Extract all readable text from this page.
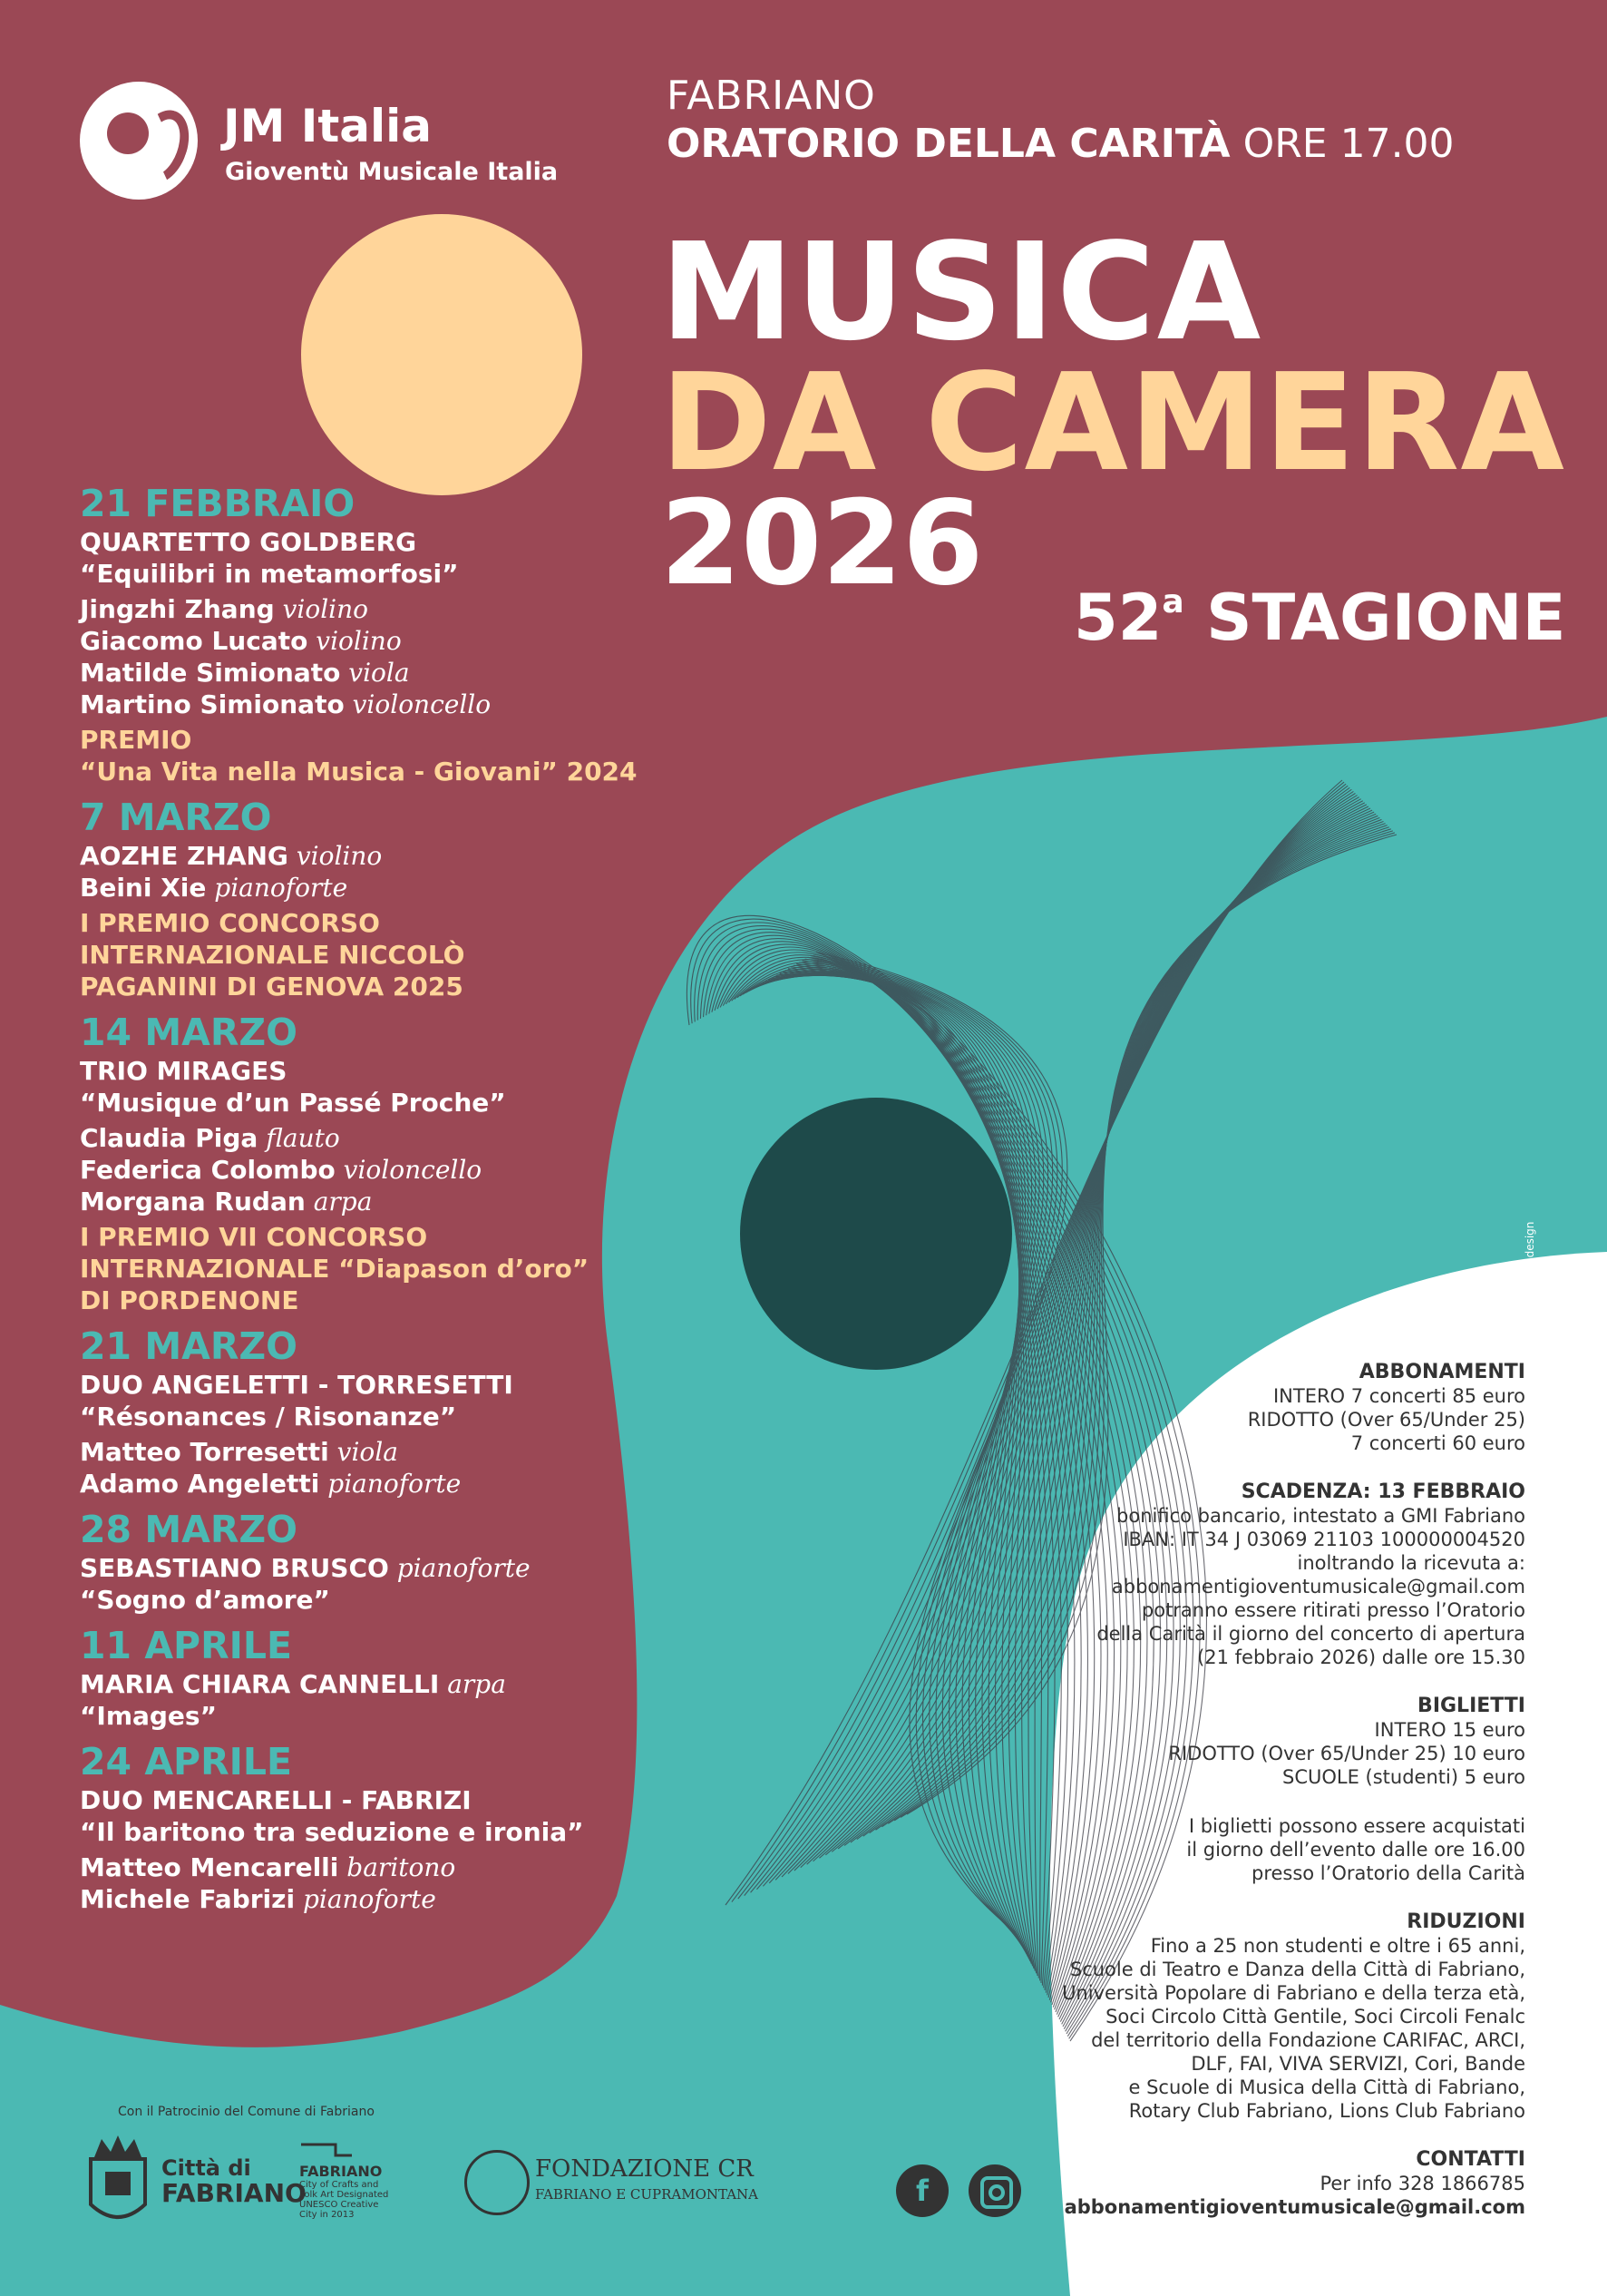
JM Italia
Gioventù Musicale Italia
FABRIANO
ORATORIO DELLA CARITÀ ORE 17.00
MUSICA
DA CAMERA
2026
52$^a$ STAGIONE
21 FEBBRAIO
QUARTETTO GOLDBERG
“Equilibri in metamorfosi”
Jingzhi Zhang violino
Giacomo Lucato violino
Matilde Simionato viola
Martino Simionato violoncello
PREMIO
“Una Vita nella Musica - Giovani” 2024
7 MARZO
AOZHE ZHANG violino
Beini Xie pianoforte
I PREMIO CONCORSO
INTERNAZIONALE NICCOLÒ
PAGANINI DI GENOVA 2025
14 MARZO
TRIO MIRAGES
“Musique d’un Passé Proche”
Claudia Piga flauto
Federica Colombo violoncello
Morgana Rudan arpa
I PREMIO VII CONCORSO
INTERNAZIONALE “Diapason d’oro”
DI PORDENONE
21 MARZO
DUO ANGELETTI - TORRESETTI
“Résonances / Risonanze”
Matteo Torresetti viola
Adamo Angeletti pianoforte
28 MARZO
SEBASTIANO BRUSCO pianoforte
“Sogno d’amore”
11 APRILE
MARIA CHIARA CANNELLI arpa
“Images”
24 APRILE
DUO MENCARELLI - FABRIZI
“Il baritono tra seduzione e ironia”
Matteo Mencarelli baritono
Michele Fabrizi pianoforte
ABBONAMENTI
INTERO 7 concerti 85 euro
RIDOTTO (Over 65/Under 25)
7 concerti 60 euro
SCADENZA: 13 FEBBRAIO
bonifico bancario, intestato a GMI Fabriano
IBAN: IT 34 J 03069 21103 100000004520
inoltrando la ricevuta a:
abbonamentigioventumusicale@gmail.com
potranno essere ritirati presso l’Oratorio
della Carità il giorno del concerto di apertura
(21 febbraio 2026) dalle ore 15.30
BIGLIETTI
INTERO 15 euro
RIDOTTO (Over 65/Under 25) 10 euro
SCUOLE (studenti) 5 euro
I biglietti possono essere acquistati
il giorno dell’evento dalle ore 16.00
presso l’Oratorio della Carità
RIDUZIONI
Fino a 25 non studenti e oltre i 65 anni,
Scuole di Teatro e Danza della Città di Fabriano,
Università Popolare di Fabriano e della terza età,
Soci Circolo Città Gentile, Soci Circoli Fenalc
del territorio della Fondazione CARIFAC, ARCI,
DLF, FAI, VIVA SERVIZI, Cori, Bande
e Scuole di Musica della Città di Fabriano,
Rotary Club Fabriano, Lions Club Fabriano
CONTATTI
Per info 328 1866785
abbonamentigioventumusicale@gmail.com
Con il Patrocinio del Comune di Fabriano
Città di
FABRIANO
FABRIANO
City of Crafts and Folk Art Designated UNESCO Creative City in 2013
FONDAZIONE CR
FABRIANO E CUPRAMONTANA	f
DEDALO design
